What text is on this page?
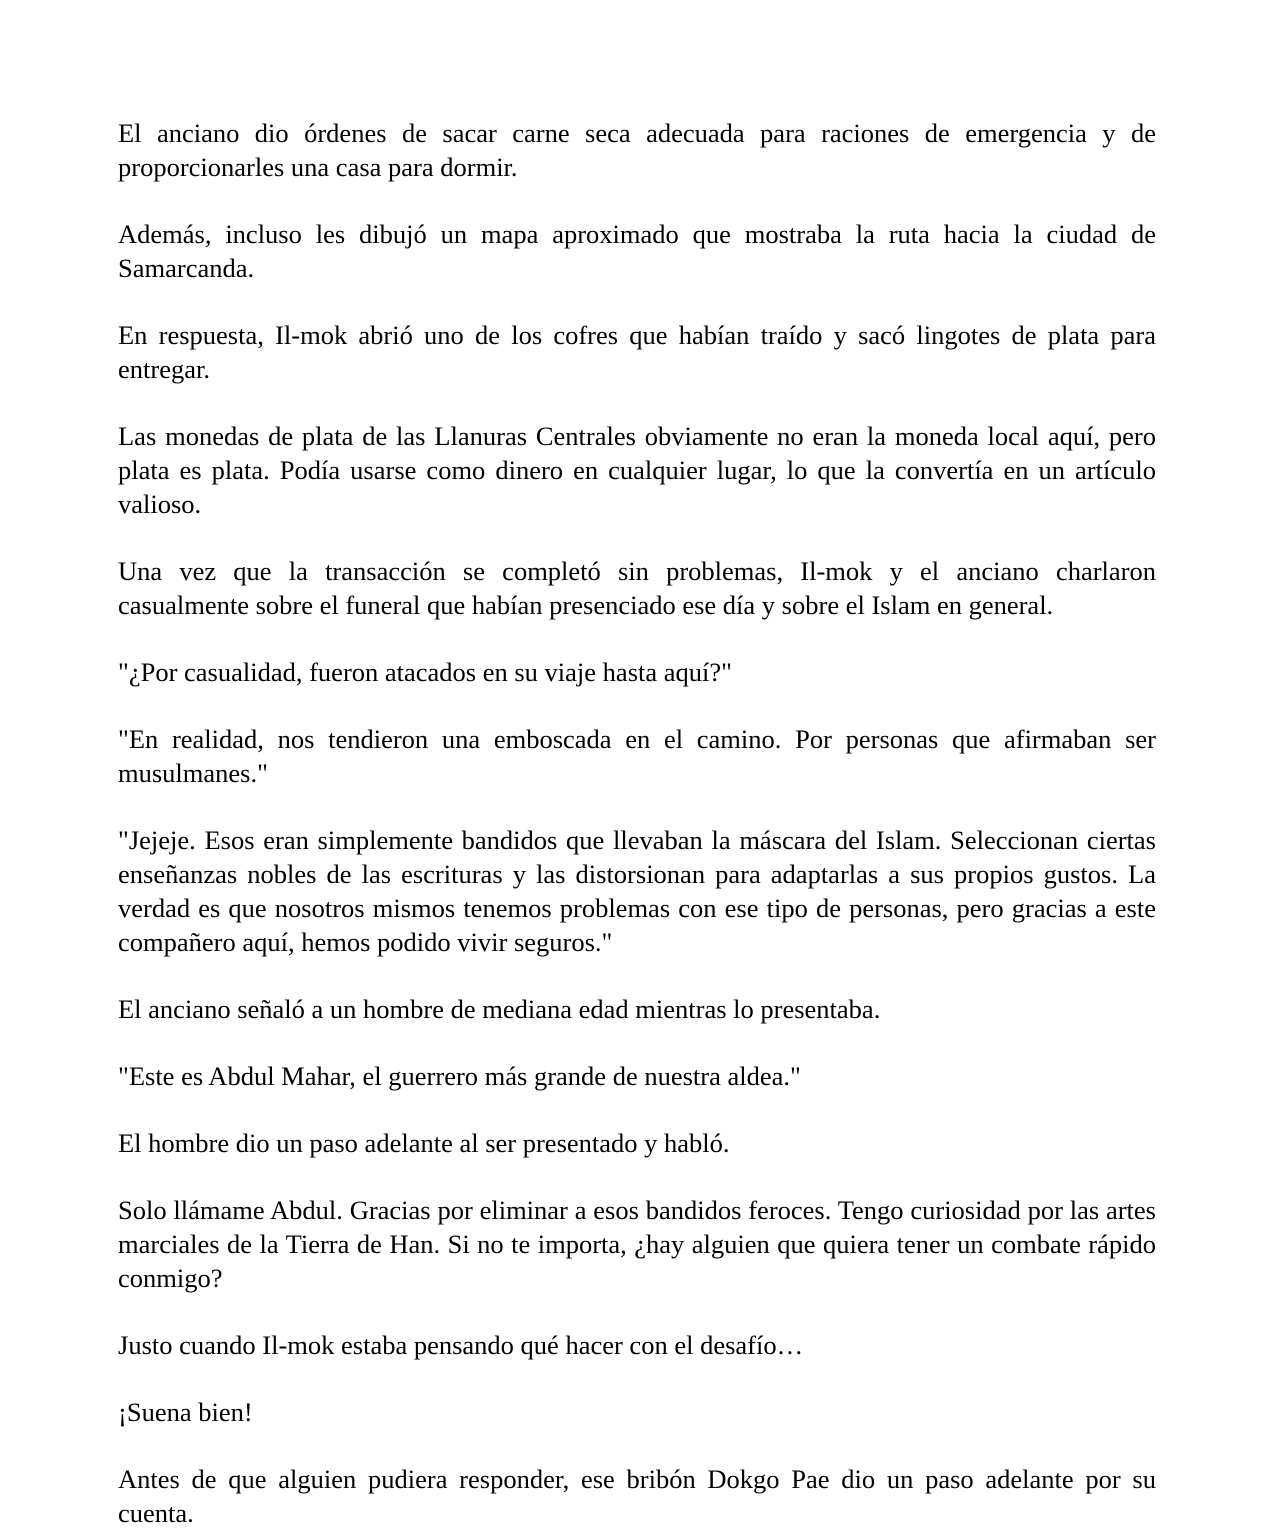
El anciano dio órdenes de sacar carne seca adecuada para raciones de emergencia y de proporcionarles una casa para dormir.

Además, incluso les dibujó un mapa aproximado que mostraba la ruta hacia la ciudad de Samarcanda.

En respuesta, Il-mok abrió uno de los cofres que habían traído y sacó lingotes de plata para entregar.

Las monedas de plata de las Llanuras Centrales obviamente no eran la moneda local aquí, pero plata es plata. Podía usarse como dinero en cualquier lugar, lo que la convertía en un artículo valioso.

Una vez que la transacción se completó sin problemas, Il-mok y el anciano charlaron casualmente sobre el funeral que habían presenciado ese día y sobre el Islam en general.

"¿Por casualidad, fueron atacados en su viaje hasta aquí?"

"En realidad, nos tendieron una emboscada en el camino. Por personas que afirmaban ser musulmanes."

"Jejeje. Esos eran simplemente bandidos que llevaban la máscara del Islam. Seleccionan ciertas enseñanzas nobles de las escrituras y las distorsionan para adaptarlas a sus propios gustos. La verdad es que nosotros mismos tenemos problemas con ese tipo de personas, pero gracias a este compañero aquí, hemos podido vivir seguros."

El anciano señaló a un hombre de mediana edad mientras lo presentaba.

"Este es Abdul Mahar, el guerrero más grande de nuestra aldea."

El hombre dio un paso adelante al ser presentado y habló.

Solo llámame Abdul. Gracias por eliminar a esos bandidos feroces. Tengo curiosidad por las artes marciales de la Tierra de Han. Si no te importa, ¿hay alguien que quiera tener un combate rápido conmigo?

Justo cuando Il-mok estaba pensando qué hacer con el desafío…

¡Suena bien!

Antes de que alguien pudiera responder, ese bribón Dokgo Pae dio un paso adelante por su cuenta.
